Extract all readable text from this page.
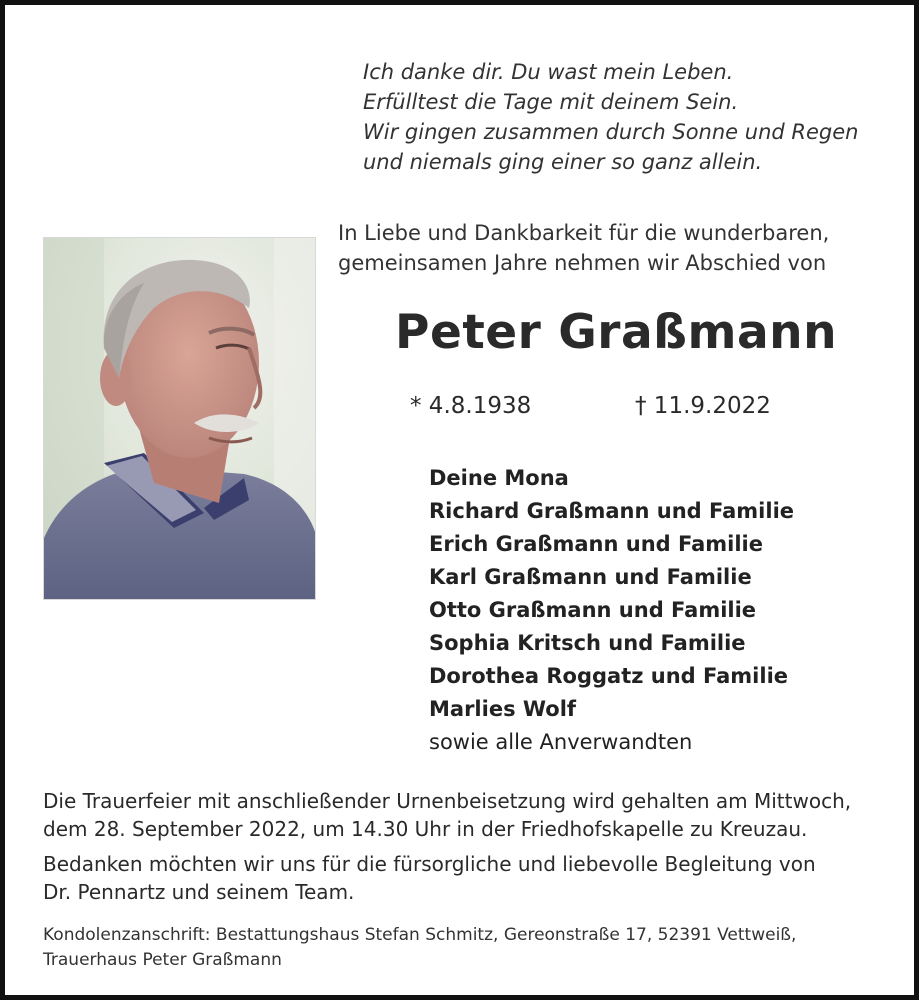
Ich danke dir. Du wast mein Leben.
Erfülltest die Tage mit deinem Sein.
Wir gingen zusammen durch Sonne und Regen
und niemals ging einer so ganz allein.
In Liebe und Dankbarkeit für die wunderbaren,
gemeinsamen Jahre nehmen wir Abschied von
Peter Graßmann
* 4.8.1938	† 11.9.2022
Deine Mona
Richard Graßmann und Familie
Erich Graßmann und Familie
Karl Graßmann und Familie
Otto Graßmann und Familie
Sophia Kritsch und Familie
Dorothea Roggatz und Familie
Marlies Wolf
sowie alle Anverwandten
Die Trauerfeier mit anschließender Urnenbeisetzung wird gehalten am Mittwoch,
dem 28. September 2022, um 14.30 Uhr in der Friedhofskapelle zu Kreuzau.
Bedanken möchten wir uns für die fürsorgliche und liebevolle Begleitung von
Dr. Pennartz und seinem Team.
Kondolenzanschrift: Bestattungshaus Stefan Schmitz, Gereonstraße 17, 52391 Vettweiß,
Trauerhaus Peter Graßmann
